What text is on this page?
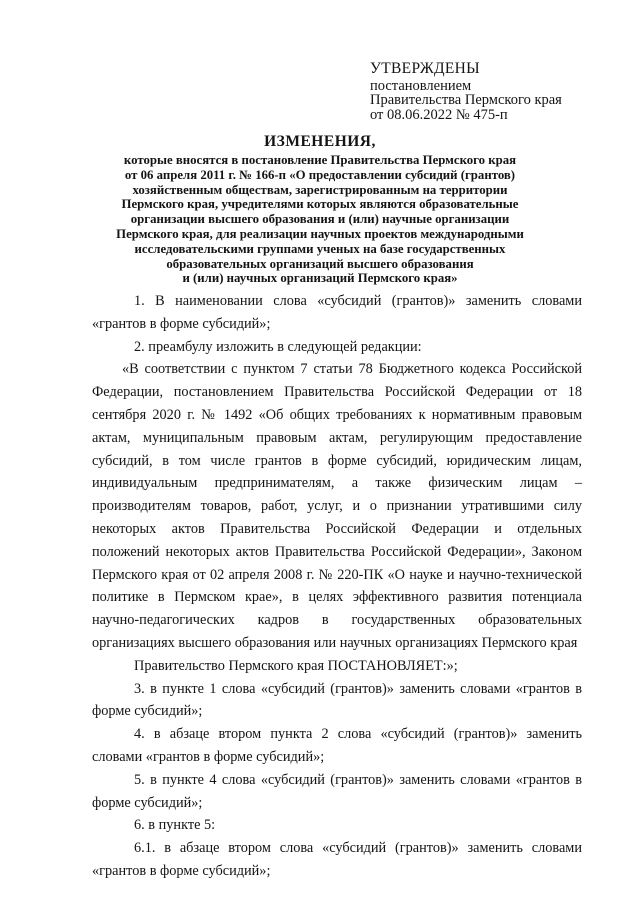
УТВЕРЖДЕНЫ
постановлением
Правительства Пермского края
от 08.06.2022 № 475-п
ИЗМЕНЕНИЯ,
которые вносятся в постановление Правительства Пермского края
от 06 апреля 2011 г. № 166-п «О предоставлении субсидий (грантов)
хозяйственным обществам, зарегистрированным на территории
Пермского края, учредителями которых являются образовательные
организации высшего образования и (или) научные организации
Пермского края, для реализации научных проектов международными
исследовательскими группами ученых на базе государственных
образовательных организаций высшего образования
и (или) научных организаций Пермского края»

1. В наименовании слова «субсидий (грантов)» заменить словами «грантов в форме субсидий»;

2. преамбулу изложить в следующей редакции:

«В соответствии с пунктом 7 статьи 78 Бюджетного кодекса Российской Федерации, постановлением Правительства Российской Федерации от 18 сентября 2020 г. № 1492 «Об общих требованиях к нормативным правовым актам, муниципальным правовым актам, регулирующим предоставление субсидий, в том числе грантов в форме субсидий, юридическим лицам, индивидуальным предпринимателям, а также физическим лицам – производителям товаров, работ, услуг, и о признании утратившими силу некоторых актов Правительства Российской Федерации и отдельных положений некоторых актов Правительства Российской Федерации», Законом Пермского края от 02 апреля 2008 г. № 220-ПК «О науке и научно-технической политике в Пермском крае», в целях эффективного развития потенциала научно-педагогических кадров в государственных образовательных организациях высшего образования или научных организациях Пермского края

Правительство Пермского края ПОСТАНОВЛЯЕТ:»;

3. в пункте 1 слова «субсидий (грантов)» заменить словами «грантов в форме субсидий»;

4. в абзаце втором пункта 2 слова «субсидий (грантов)» заменить словами «грантов в форме субсидий»;

5. в пункте 4 слова «субсидий (грантов)» заменить словами «грантов в форме субсидий»;

6. в пункте 5:

6.1. в абзаце втором слова «субсидий (грантов)» заменить словами «грантов в форме субсидий»;
